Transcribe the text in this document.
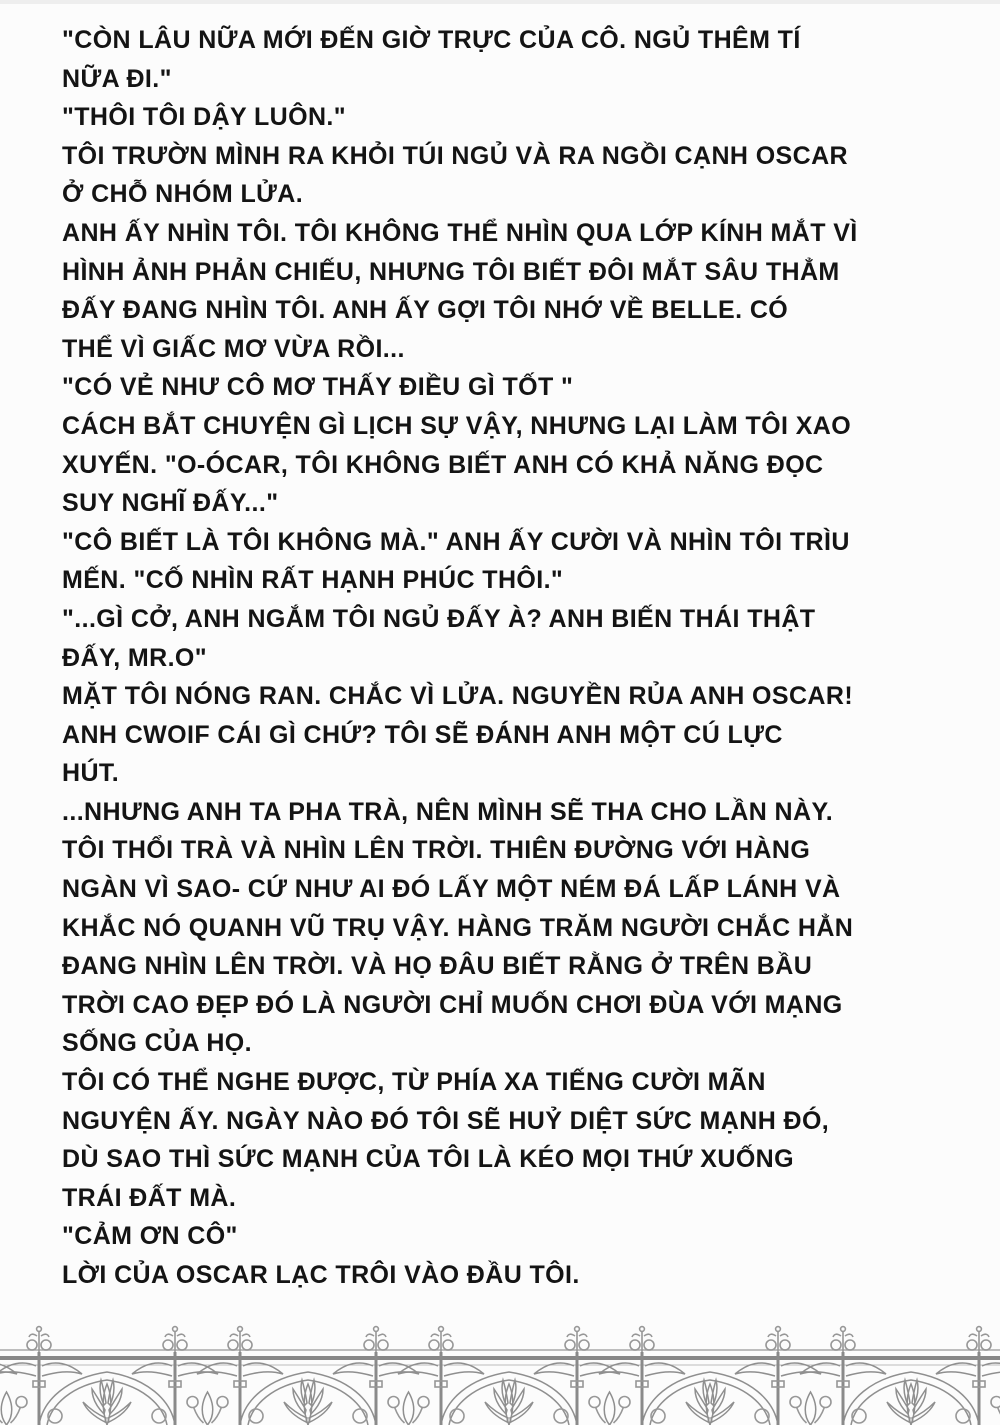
"CÒN LÂU NỮA MỚI ĐẾN GIỜ TRỰC CỦA CÔ. NGỦ THÊM TÍ
NỮA ĐI."
"THÔI TÔI DẬY LUÔN."
TÔI TRƯỜN MÌNH RA KHỎI TÚI NGỦ VÀ RA NGỒI CẠNH OSCAR
Ở CHỖ NHÓM LỬA.
ANH ẤY NHÌN TÔI. TÔI KHÔNG THỂ NHÌN QUA LỚP KÍNH MẮT VÌ
HÌNH ẢNH PHẢN CHIẾU, NHƯNG TÔI BIẾT ĐÔI MẮT SÂU THẲM
ĐẤY ĐANG NHÌN TÔI. ANH ẤY GỢI TÔI NHỚ VỀ BELLE. CÓ
THỂ VÌ GIẤC MƠ VỪA RỒI...
"CÓ VẺ NHƯ CÔ MƠ THẤY ĐIỀU GÌ TỐT "
CÁCH BẮT CHUYỆN GÌ LỊCH SỰ VẬY, NHƯNG LẠI LÀM TÔI XAO
XUYẾN. "O-ÓCAR, TÔI KHÔNG BIẾT ANH CÓ KHẢ NĂNG ĐỌC
SUY NGHĨ ĐẤY..."
"CÔ BIẾT LÀ TÔI KHÔNG MÀ." ANH ẤY CƯỜI VÀ NHÌN TÔI TRÌU
MẾN. "CỐ NHÌN RẤT HẠNH PHÚC THÔI."
"...GÌ CỞ, ANH NGẮM TÔI NGỦ ĐẤY À? ANH BIẾN THÁI THẬT
ĐẤY, MR.O"
MẶT TÔI NÓNG RAN. CHẮC VÌ LỬA. NGUYỀN RỦA ANH OSCAR!
ANH CWOIF CÁI GÌ CHỨ? TÔI SẼ ĐÁNH ANH MỘT CÚ LỰC
HÚT.
...NHƯNG ANH TA PHA TRÀ, NÊN MÌNH SẼ THA CHO LẦN NÀY.
TÔI THỔI TRÀ VÀ NHÌN LÊN TRỜI. THIÊN ĐƯỜNG VỚI HÀNG
NGÀN VÌ SAO- CỨ NHƯ AI ĐÓ LẤY MỘT NÉM ĐÁ LẤP LÁNH VÀ
KHẮC NÓ QUANH VŨ TRỤ VẬY. HÀNG TRĂM NGƯỜI CHẮC HẲN
ĐANG NHÌN LÊN TRỜI. VÀ HỌ ĐÂU BIẾT RẰNG Ở TRÊN BẦU
TRỜI CAO ĐẸP ĐÓ LÀ NGƯỜI CHỈ MUỐN CHƠI ĐÙA VỚI MẠNG
SỐNG CỦA HỌ.
TÔI CÓ THỂ NGHE ĐƯỢC, TỪ PHÍA XA TIẾNG CƯỜI MÃN
NGUYỆN ẤY. NGÀY NÀO ĐÓ TÔI SẼ HUỶ DIỆT SỨC MẠNH ĐÓ,
DÙ SAO THÌ SỨC MẠNH CỦA TÔI LÀ KÉO MỌI THỨ XUỐNG
TRÁI ĐẤT MÀ.
"CẢM ƠN CÔ"
LỜI CỦA OSCAR LẠC TRÔI VÀO ĐẦU TÔI.
